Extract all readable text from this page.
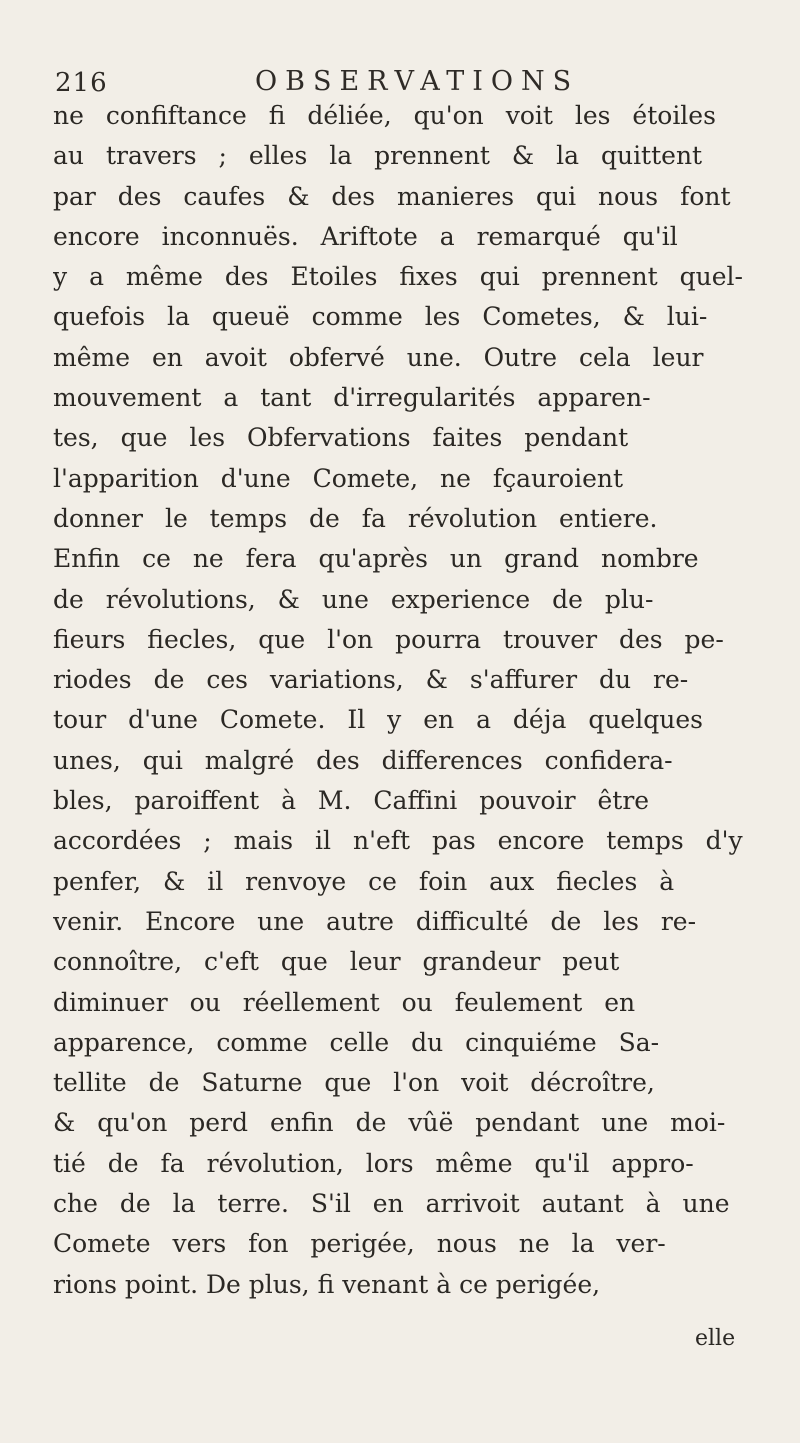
216	OBSERVATIONS
ne confiftance fi déliée, qu'on voit les étoiles
au travers ; elles la prennent & la quittent
par des caufes & des manieres qui nous font
encore inconnuës. Ariftote a remarqué qu'il
y a même des Etoiles fixes qui prennent quel-
quefois la queuë comme les Cometes, & lui-
même en avoit obfervé une. Outre cela leur
mouvement a tant d'irregularités apparen-
tes, que les Obfervations faites pendant
l'apparition d'une Comete, ne fçauroient
donner le temps de fa révolution entiere.
Enfin ce ne fera qu'après un grand nombre
de révolutions, & une experience de plu-
fieurs fiecles, que l'on pourra trouver des pe-
riodes de ces variations, & s'affurer du re-
tour d'une Comete. Il y en a déja quelques
unes, qui malgré des differences confidera-
bles, paroiffent à M. Caffini pouvoir être
accordées ; mais il n'eft pas encore temps d'y
penfer, & il renvoye ce foin aux fiecles à
venir. Encore une autre difficulté de les re-
connoître, c'eft que leur grandeur peut
diminuer ou réellement ou feulement en
apparence, comme celle du cinquiéme Sa-
tellite de Saturne que l'on voit décroître,
& qu'on perd enfin de vûë pendant une moi-
tié de fa révolution, lors même qu'il appro-
che de la terre. S'il en arrivoit autant à une
Comete vers fon perigée, nous ne la ver-
rions point. De plus, fi venant à ce perigée,
elle
